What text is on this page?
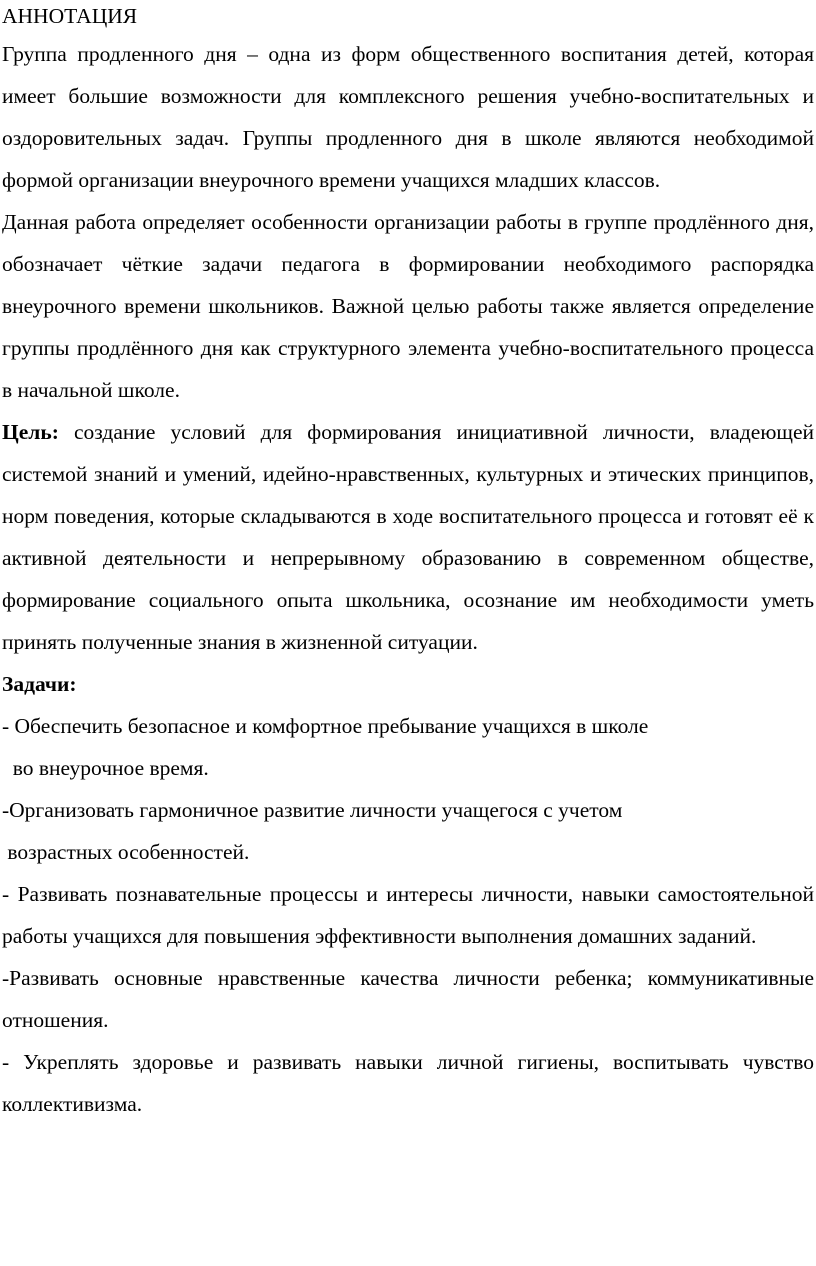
АННОТАЦИЯ

Группа продленного дня – одна из форм общественного воспитания детей, которая имеет большие возможности для комплексного решения учебно-воспитательных и оздоровительных задач. Группы продленного дня в школе являются необходимой формой организации внеурочного времени учащихся младших классов.

Данная работа определяет особенности организации работы в группе продлённого дня, обозначает чёткие задачи педагога в формировании необходимого распорядка внеурочного времени школьников. Важной целью работы также является определение группы продлённого дня как структурного элемента учебно-воспитательного процесса в начальной школе.

Цель: создание условий для формирования инициативной личности, владеющей системой знаний и умений, идейно-нравственных, культурных и этических принципов, норм поведения, которые складываются в ходе воспитательного процесса и готовят её к активной деятельности и непрерывному образованию в современном обществе, формирование социального опыта школьника, осознание им необходимости уметь принять полученные знания в жизненной ситуации.

Задачи:

- Обеспечить безопасное и комфортное пребывание учащихся в школе

во внеурочное время.

-Организовать гармоничное развитие личности учащегося с учетом

возрастных особенностей.

- Развивать познавательные процессы и интересы личности, навыки самостоятельной работы учащихся для повышения эффективности выполнения домашних заданий.

-Развивать основные нравственные качества личности ребенка; коммуникативные отношения.

- Укреплять здоровье и развивать навыки личной гигиены, воспитывать чувство коллективизма.
